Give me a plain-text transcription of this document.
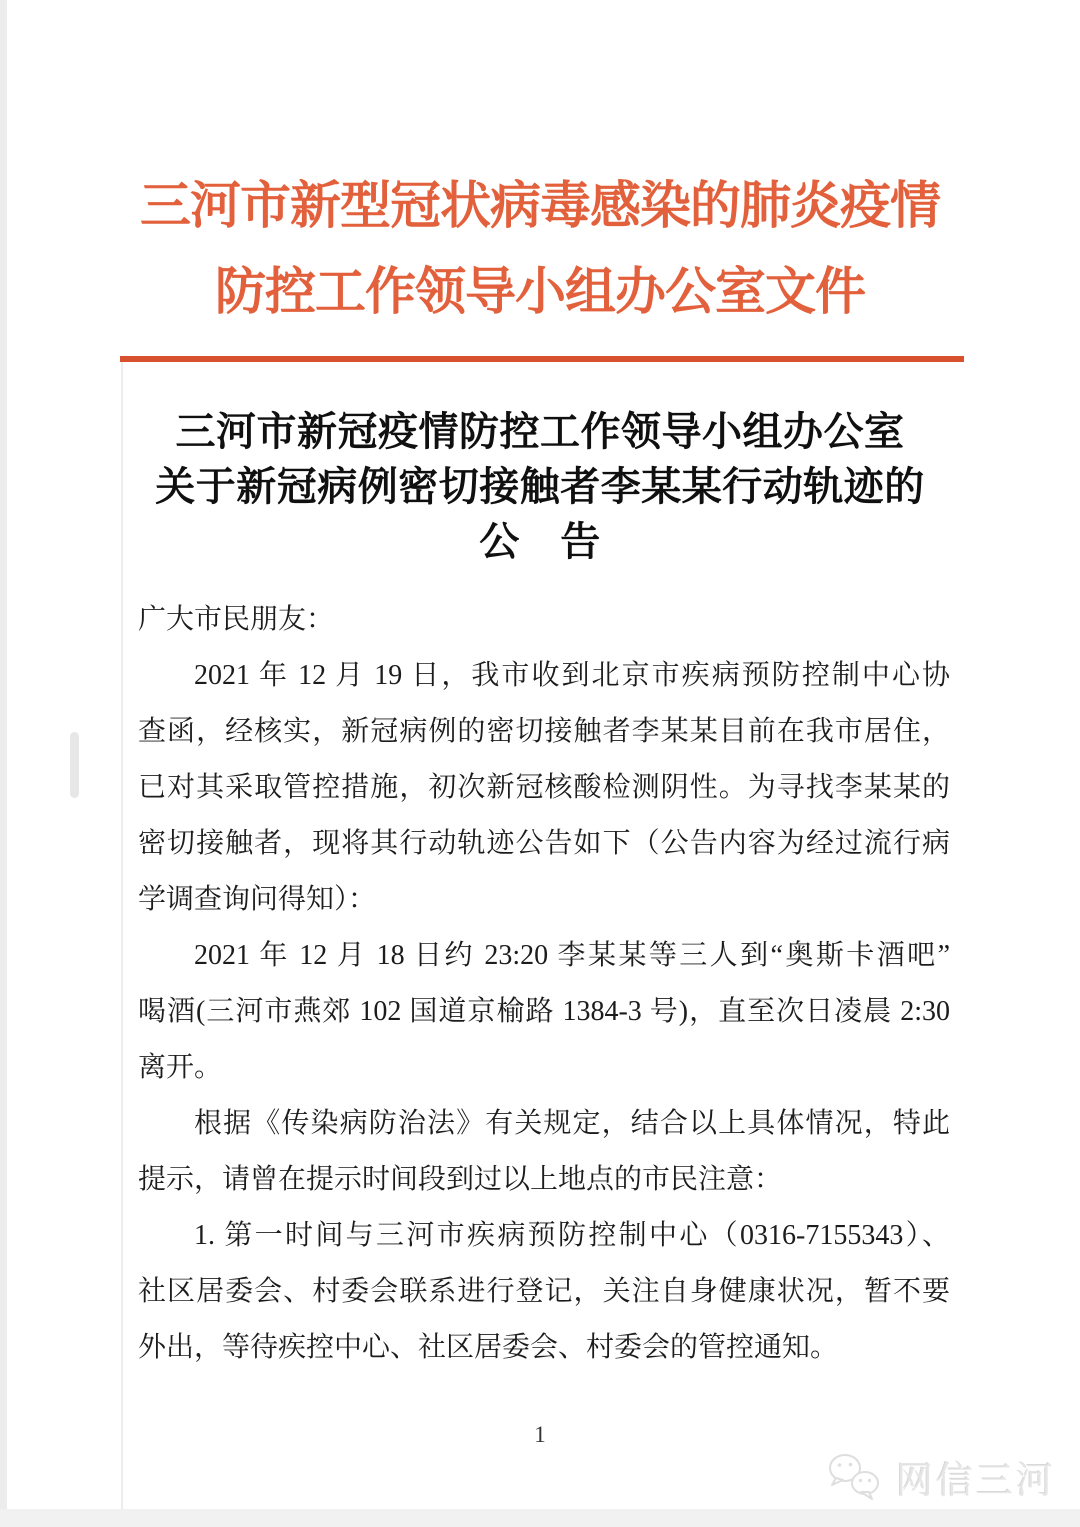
三河市新型冠状病毒感染的肺炎疫情
防控工作领导小组办公室文件
三河市新冠疫情防控工作领导小组办公室
关于新冠病例密切接触者李某某行动轨迹的
公　告
广大市民朋友：
2021 年 12 月 19 日，我市收到北京市疾病预防控制中心协
查函，经核实，新冠病例的密切接触者李某某目前在我市居住，
已对其采取管控措施，初次新冠核酸检测阴性。为寻找李某某的
密切接触者，现将其行动轨迹公告如下（公告内容为经过流行病
学调查询问得知）：
2021 年 12 月 18 日约 23:20 李某某等三人到“奥斯卡酒吧”
喝酒(三河市燕郊 102 国道京榆路 1384-3 号)，直至次日凌晨 2:30
离开。
根据《传染病防治法》有关规定，结合以上具体情况，特此
提示，请曾在提示时间段到过以上地点的市民注意：
1. 第一时间与三河市疾病预防控制中心（0316-7155343）、
社区居委会、村委会联系进行登记，关注自身健康状况，暂不要
外出，等待疾控中心、社区居委会、村委会的管控通知。
1
网信三河
